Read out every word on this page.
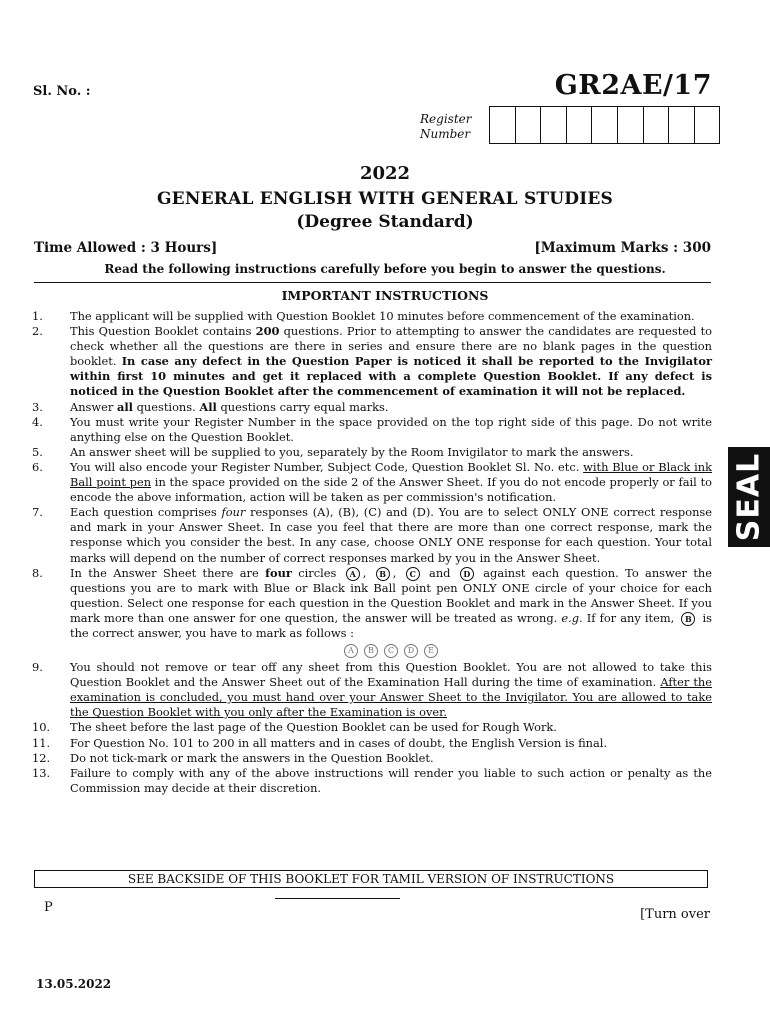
Sl. No. :	GR2AE/17
Register
Number
2022
GENERAL ENGLISH WITH GENERAL STUDIES
(Degree Standard)
Time Allowed : 3 Hours]	[Maximum Marks : 300
Read the following instructions carefully before you begin to answer the questions.
IMPORTANT INSTRUCTIONS
1.	The applicant will be supplied with Question Booklet 10 minutes before commencement of the examination.
2.	This Question Booklet contains 200 questions. Prior to attempting to answer the candidates are requested to check whether all the questions are there in series and ensure there are no blank pages in the question booklet. In case any defect in the Question Paper is noticed it shall be reported to the Invigilator within first 10 minutes and get it replaced with a complete Question Booklet. If any defect is noticed in the Question Booklet after the commencement of examination it will not be replaced.
3.	Answer all questions. All questions carry equal marks.
4.	You must write your Register Number in the space provided on the top right side of this page. Do not write anything else on the Question Booklet.
5.	An answer sheet will be supplied to you, separately by the Room Invigilator to mark the answers.
6.	You will also encode your Register Number, Subject Code, Question Booklet Sl. No. etc. with Blue or Black ink Ball point pen in the space provided on the side 2 of the Answer Sheet. If you do not encode properly or fail to encode the above information, action will be taken as per commission's notification.
7.	Each question comprises four responses (A), (B), (C) and (D). You are to select ONLY ONE correct response and mark in your Answer Sheet. In case you feel that there are more than one correct response, mark the response which you consider the best. In any case, choose ONLY ONE response for each question. Your total marks will depend on the number of correct responses marked by you in the Answer Sheet.
8.	In the Answer Sheet there are four circles A , B , C and D against each question. To answer the questions you are to mark with Blue or Black ink Ball point pen ONLY ONE circle of your choice for each question. Select one response for each question in the Question Booklet and mark in the Answer Sheet. If you mark more than one answer for one question, the answer will be treated as wrong. e.g. If for any item, B is the correct answer, you have to mark as follows :
A B C D E
9.	You should not remove or tear off any sheet from this Question Booklet. You are not allowed to take this Question Booklet and the Answer Sheet out of the Examination Hall during the time of examination. After the examination is concluded, you must hand over your Answer Sheet to the Invigilator. You are allowed to take the Question Booklet with you only after the Examination is over.
10.	The sheet before the last page of the Question Booklet can be used for Rough Work.
11.	For Question No. 101 to 200 in all matters and in cases of doubt, the English Version is final.
12.	Do not tick-mark or mark the answers in the Question Booklet.
13.	Failure to comply with any of the above instructions will render you liable to such action or penalty as the Commission may decide at their discretion.
SEE BACKSIDE OF THIS BOOKLET FOR TAMIL VERSION OF INSTRUCTIONS
P	[Turn over
13.05.2022
SEAL
